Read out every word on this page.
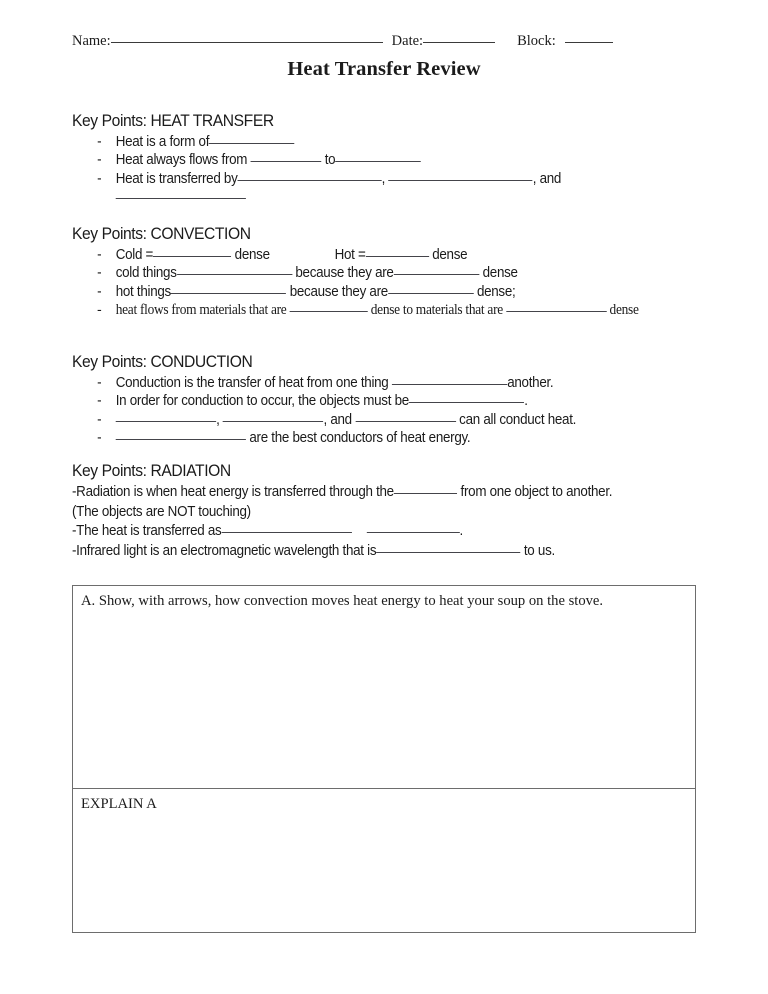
Name:	Date:	Block:
Heat Transfer Review
Key Points: HEAT TRANSFER
- Heat is a form of
- Heat always flows from	to
- Heat is transferred by	,	, and

Key Points: CONVECTION
- Cold =	dense	Hot =	dense
- cold things	because they are	dense
- hot things	because they are	dense;
- heat flows from materials that are	dense to materials that are	dense
Key Points: CONDUCTION
- Conduction is the transfer of heat from one thing	another.
- In order for conduction to occur, the objects must be	.
- ,	, and	can all conduct heat.
- are the best conductors of heat energy.
Key Points: RADIATION
-Radiation is when heat energy is transferred through the	from one object to another.  (The objects are NOT touching)
-The heat is transferred as	.
-Infrared light is an electromagnetic wavelength that is	to us.
A. Show, with arrows, how convection moves heat energy to heat your soup on the stove.
EXPLAIN A
